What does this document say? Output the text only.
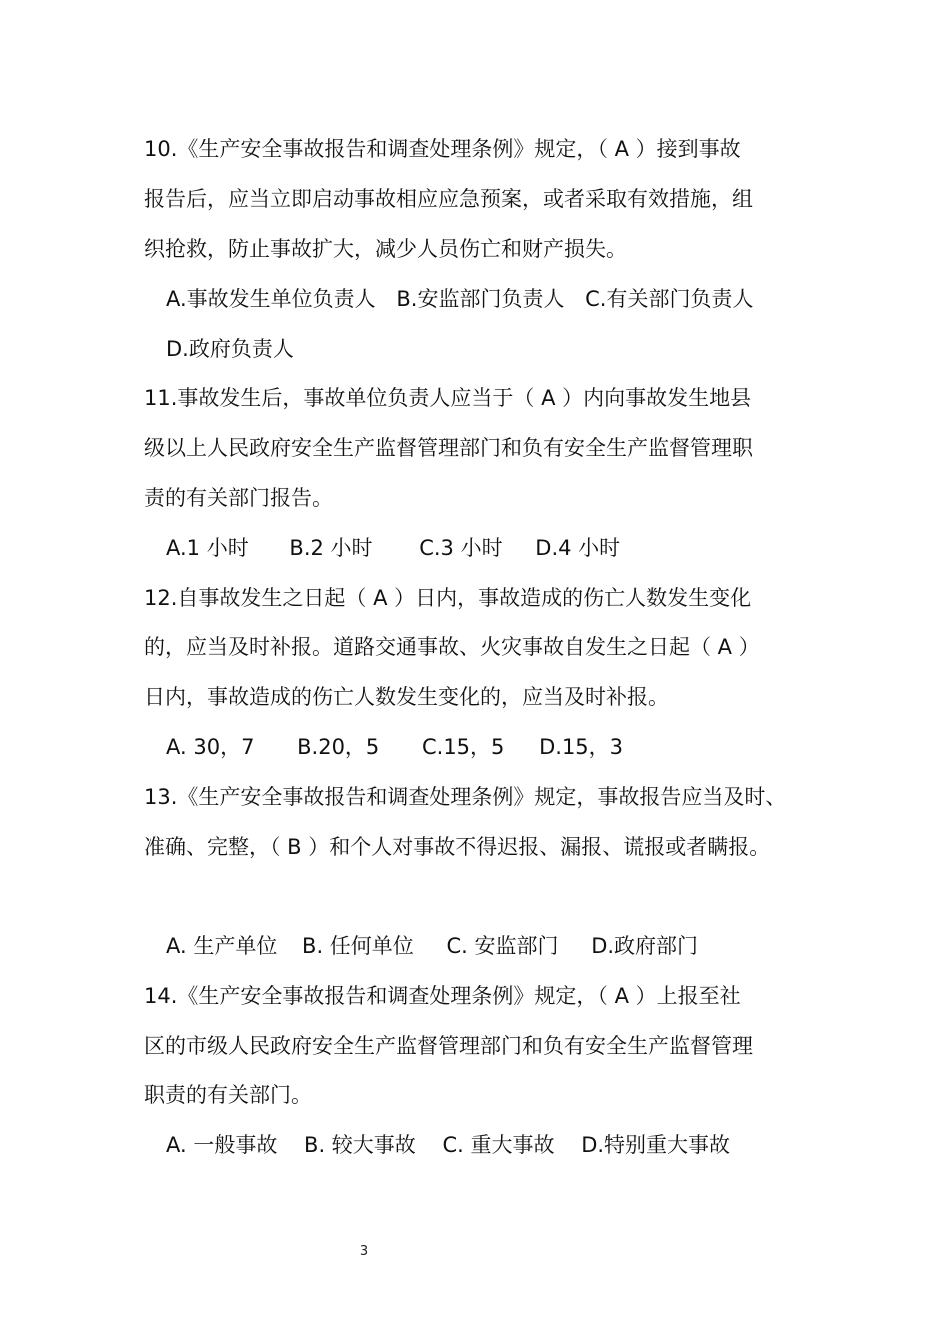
10.《生产安全事故报告和调查处理条例》规定，（ A ）接到事故
报告后，应当立即启动事故相应应急预案，或者采取有效措施，组
织抢救，防止事故扩大，减少人员伤亡和财产损失。
A.事故发生单位负责人 B.安监部门负责人 C.有关部门负责人
D.政府负责人
11.事故发生后，事故单位负责人应当于（ A ）内向事故发生地县
级以上人民政府安全生产监督管理部门和负有安全生产监督管理职
责的有关部门报告。
A.1 小时 B.2 小时 C.3 小时 D.4 小时
12.自事故发生之日起（ A ）日内，事故造成的伤亡人数发生变化
的，应当及时补报。道路交通事故、火灾事故自发生之日起（ A ）
日内，事故造成的伤亡人数发生变化的，应当及时补报。
A. 30，7 B.20，5 C.15，5 D.15，3
13.《生产安全事故报告和调查处理条例》规定，事故报告应当及时、
准确、完整，（ B ）和个人对事故不得迟报、漏报、谎报或者瞒报。
A. 生产单位 B. 任何单位 C. 安监部门 D.政府部门
14.《生产安全事故报告和调查处理条例》规定，（ A ）上报至社
区的市级人民政府安全生产监督管理部门和负有安全生产监督管理
职责的有关部门。
A. 一般事故 B. 较大事故 C. 重大事故 D.特别重大事故
3
